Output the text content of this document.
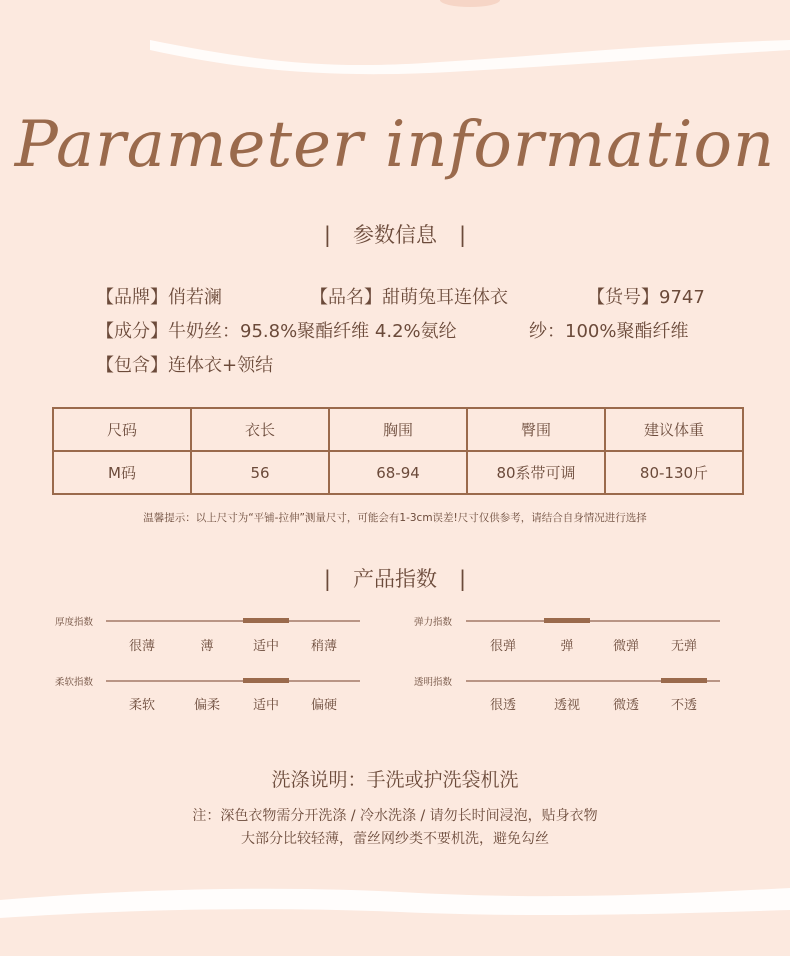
Parameter information
| 参数信息 |
【品牌】俏若澜	【品名】甜萌兔耳连体衣	【货号】9747
【成分】牛奶丝：95.8%聚酯纤维 4.2%氨纶	纱：100%聚酯纤维
【包含】连体衣+领结
尺码	衣长	胸围	臀围	建议体重
M码	56	68-94	80系带可调	80-130斤
温馨提示：以上尺寸为“平铺-拉伸”测量尺寸，可能会有1-3cm误差!尺寸仅供参考，请结合自身情况进行选择
| 产品指数 |
厚度指数
很薄	薄	适中 稍薄
弹力指数
很弹	弹	微弹 无弹
柔软指数
柔软	偏柔	适中 偏硬
透明指数
很透	透视	微透 不透
洗涤说明：手洗或护洗袋机洗
注：深色衣物需分开洗涤 / 冷水洗涤 / 请勿长时间浸泡，贴身衣物
大部分比较轻薄，蕾丝网纱类不要机洗，避免勾丝
